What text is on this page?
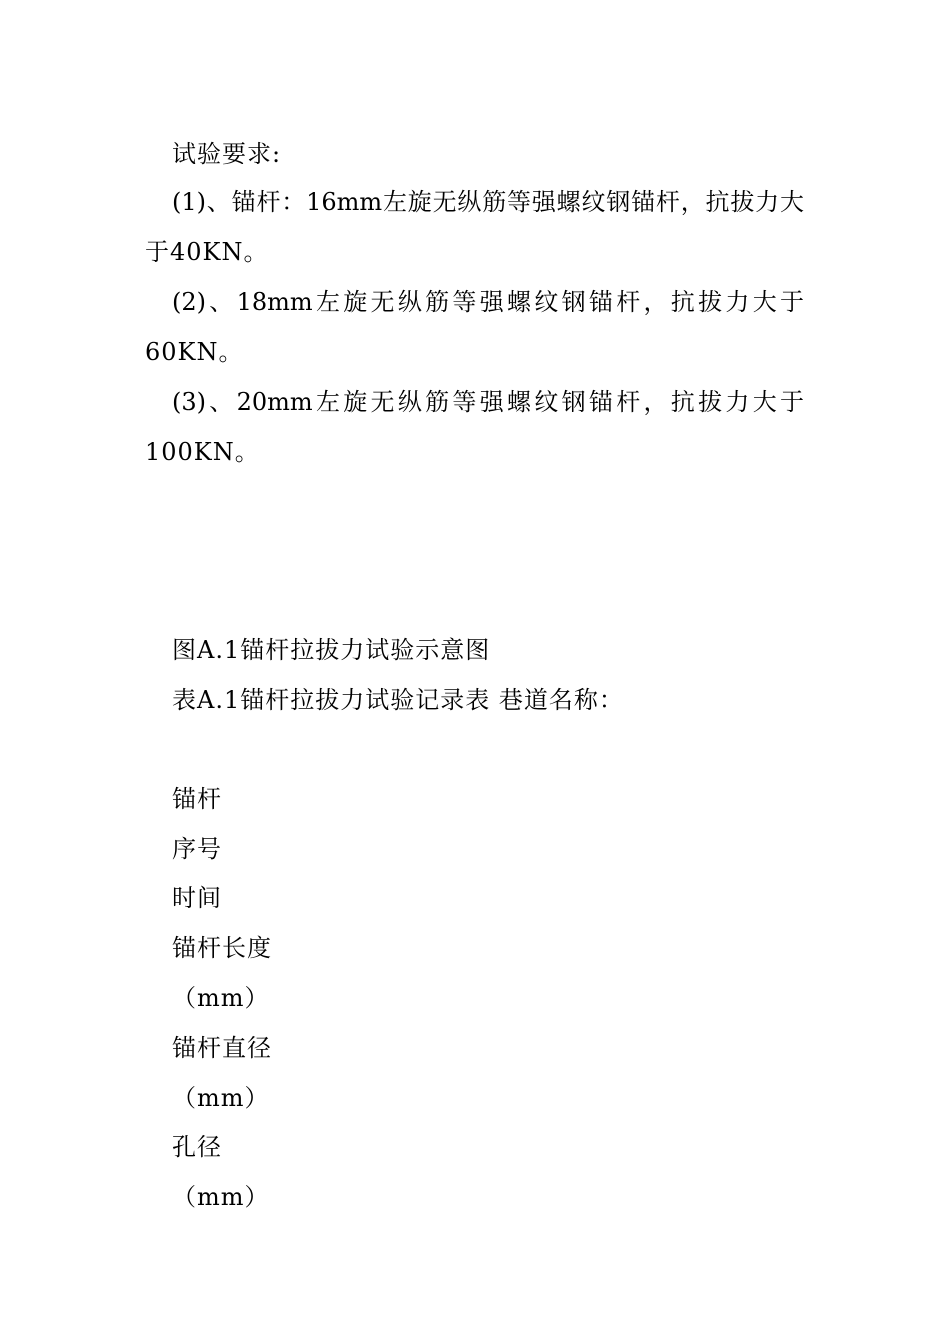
试验要求:
(1)、锚杆：16mm左旋无纵筋等强螺纹钢锚杆，抗拔力大
于40KN。
(2)、18mm左旋无纵筋等强螺纹钢锚杆，抗拔力大于
60KN。
(3)、20mm左旋无纵筋等强螺纹钢锚杆，抗拔力大于
100KN。
图A.1锚杆拉拔力试验示意图
表A.1锚杆拉拔力试验记录表 巷道名称：
锚杆
序号
时间
锚杆长度
（mm）
锚杆直径
（mm）
孔径
（mm）
